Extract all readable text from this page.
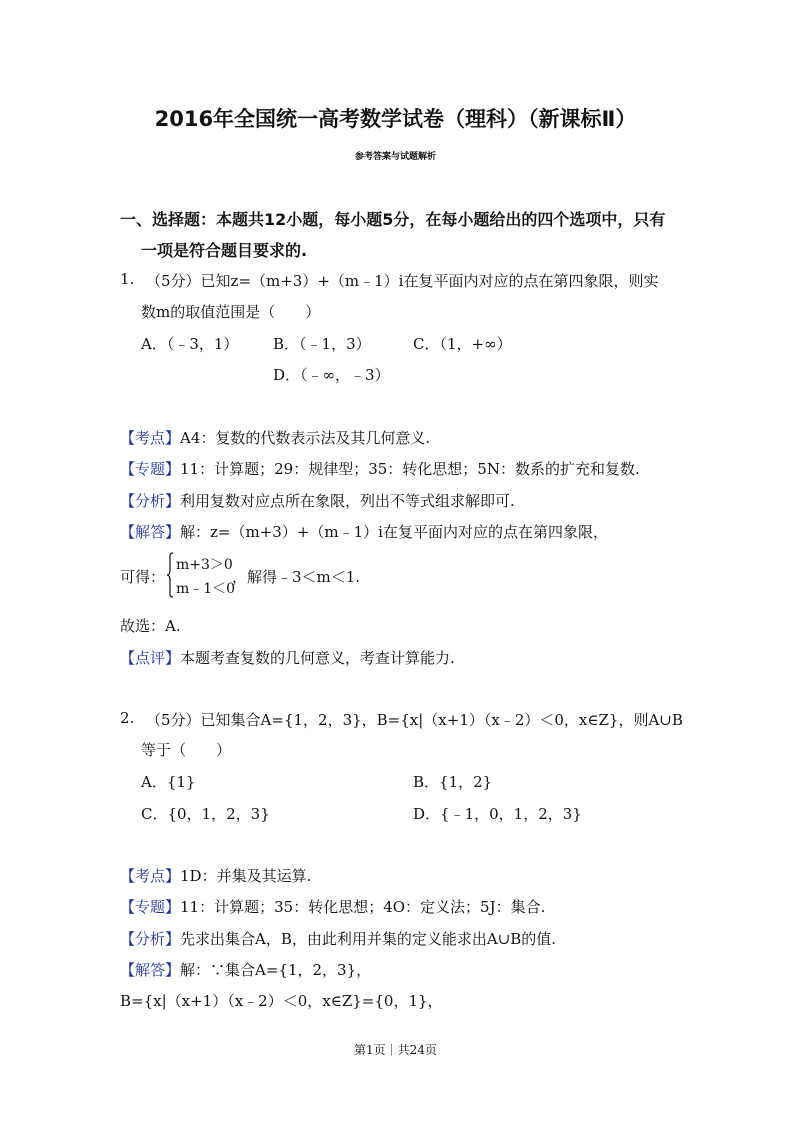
2016年全国统一高考数学试卷（理科）（新课标Ⅱ）
参考答案与试题解析
一、选择题：本题共12小题，每小题5分，在每小题给出的四个选项中，只有
一项是符合题目要求的.
1. （5分）已知z=（m+3）+（m﹣1）i在复平面内对应的点在第四象限，则实
数m的取值范围是（　　）
A．（﹣3，1） B．（﹣1，3）	C．（1，+∞）
D．（﹣∞，﹣3）
【考点】A4：复数的代数表示法及其几何意义.
【专题】11：计算题；29：规律型；35：转化思想；5N：数系的扩充和复数.
【分析】利用复数对应点所在象限，列出不等式组求解即可.
【解答】解：z=（m+3）+（m﹣1）i在复平面内对应的点在第四象限，
可得：
m+3＞0
m﹣1＜0
，解得﹣3＜m＜1.
故选：A.
【点评】本题考查复数的几何意义，考查计算能力.
2. （5分）已知集合A={1，2，3}，B={x|（x+1）（x﹣2）＜0，x∈Z}，则A∪B
等于（　　）
A．{1}	B．{1，2}
C．{0，1，2，3}	D．{﹣1，0，1，2，3}
【考点】1D：并集及其运算.
【专题】11：计算题；35：转化思想；4O：定义法；5J：集合.
【分析】先求出集合A，B，由此利用并集的定义能求出A∪B的值.
【解答】解：∵集合A={1，2，3}，
B={x|（x+1）（x﹣2）＜0，x∈Z}={0，1}，
第1页｜共24页
